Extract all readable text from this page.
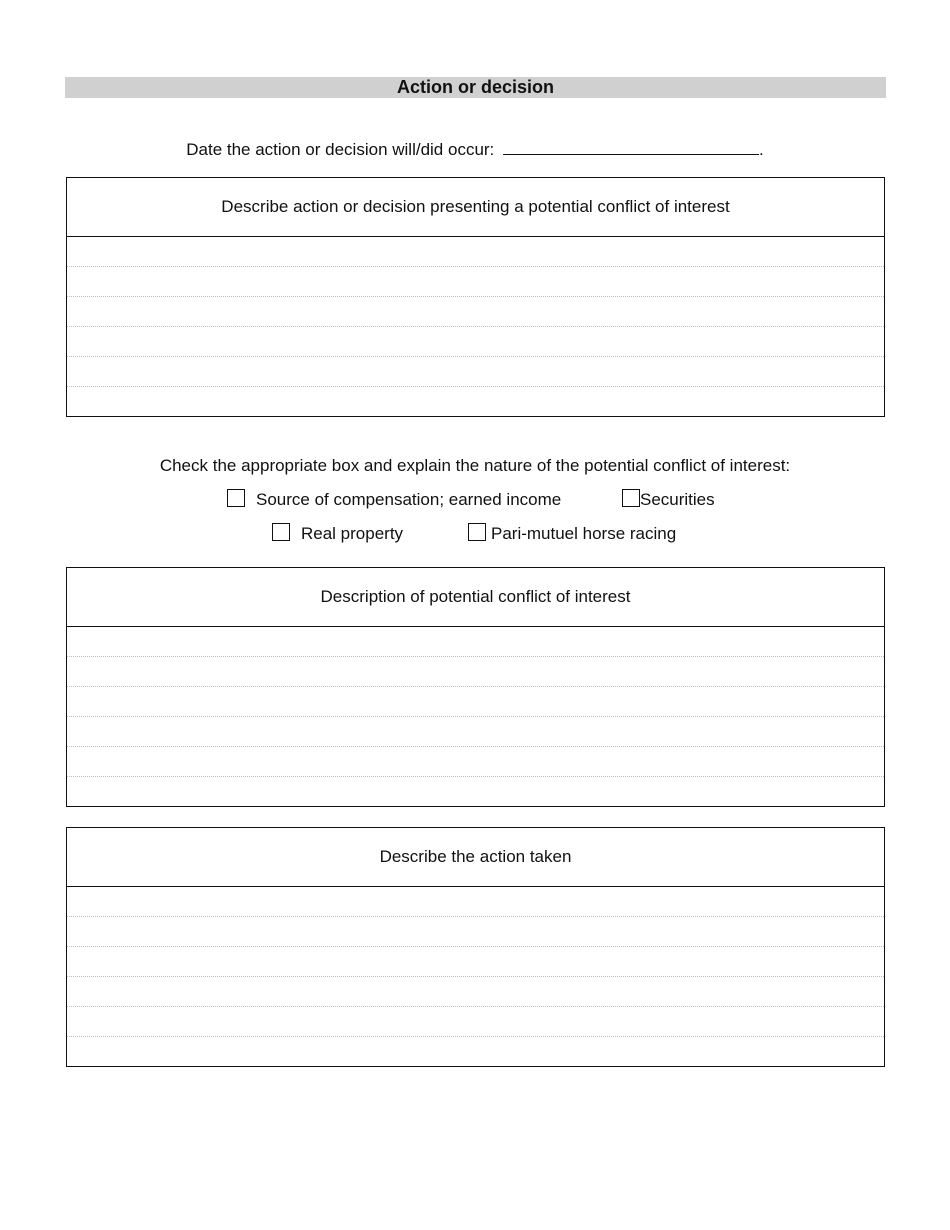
Action or decision
Date the action or decision will/did occur:	.
Describe action or decision presenting a potential conflict of interest
Check the appropriate box and explain the nature of the potential conflict of interest:
Source of compensation; earned income	Securities
Real property	Pari-mutuel horse racing
Description of potential conflict of interest
Describe the action taken
